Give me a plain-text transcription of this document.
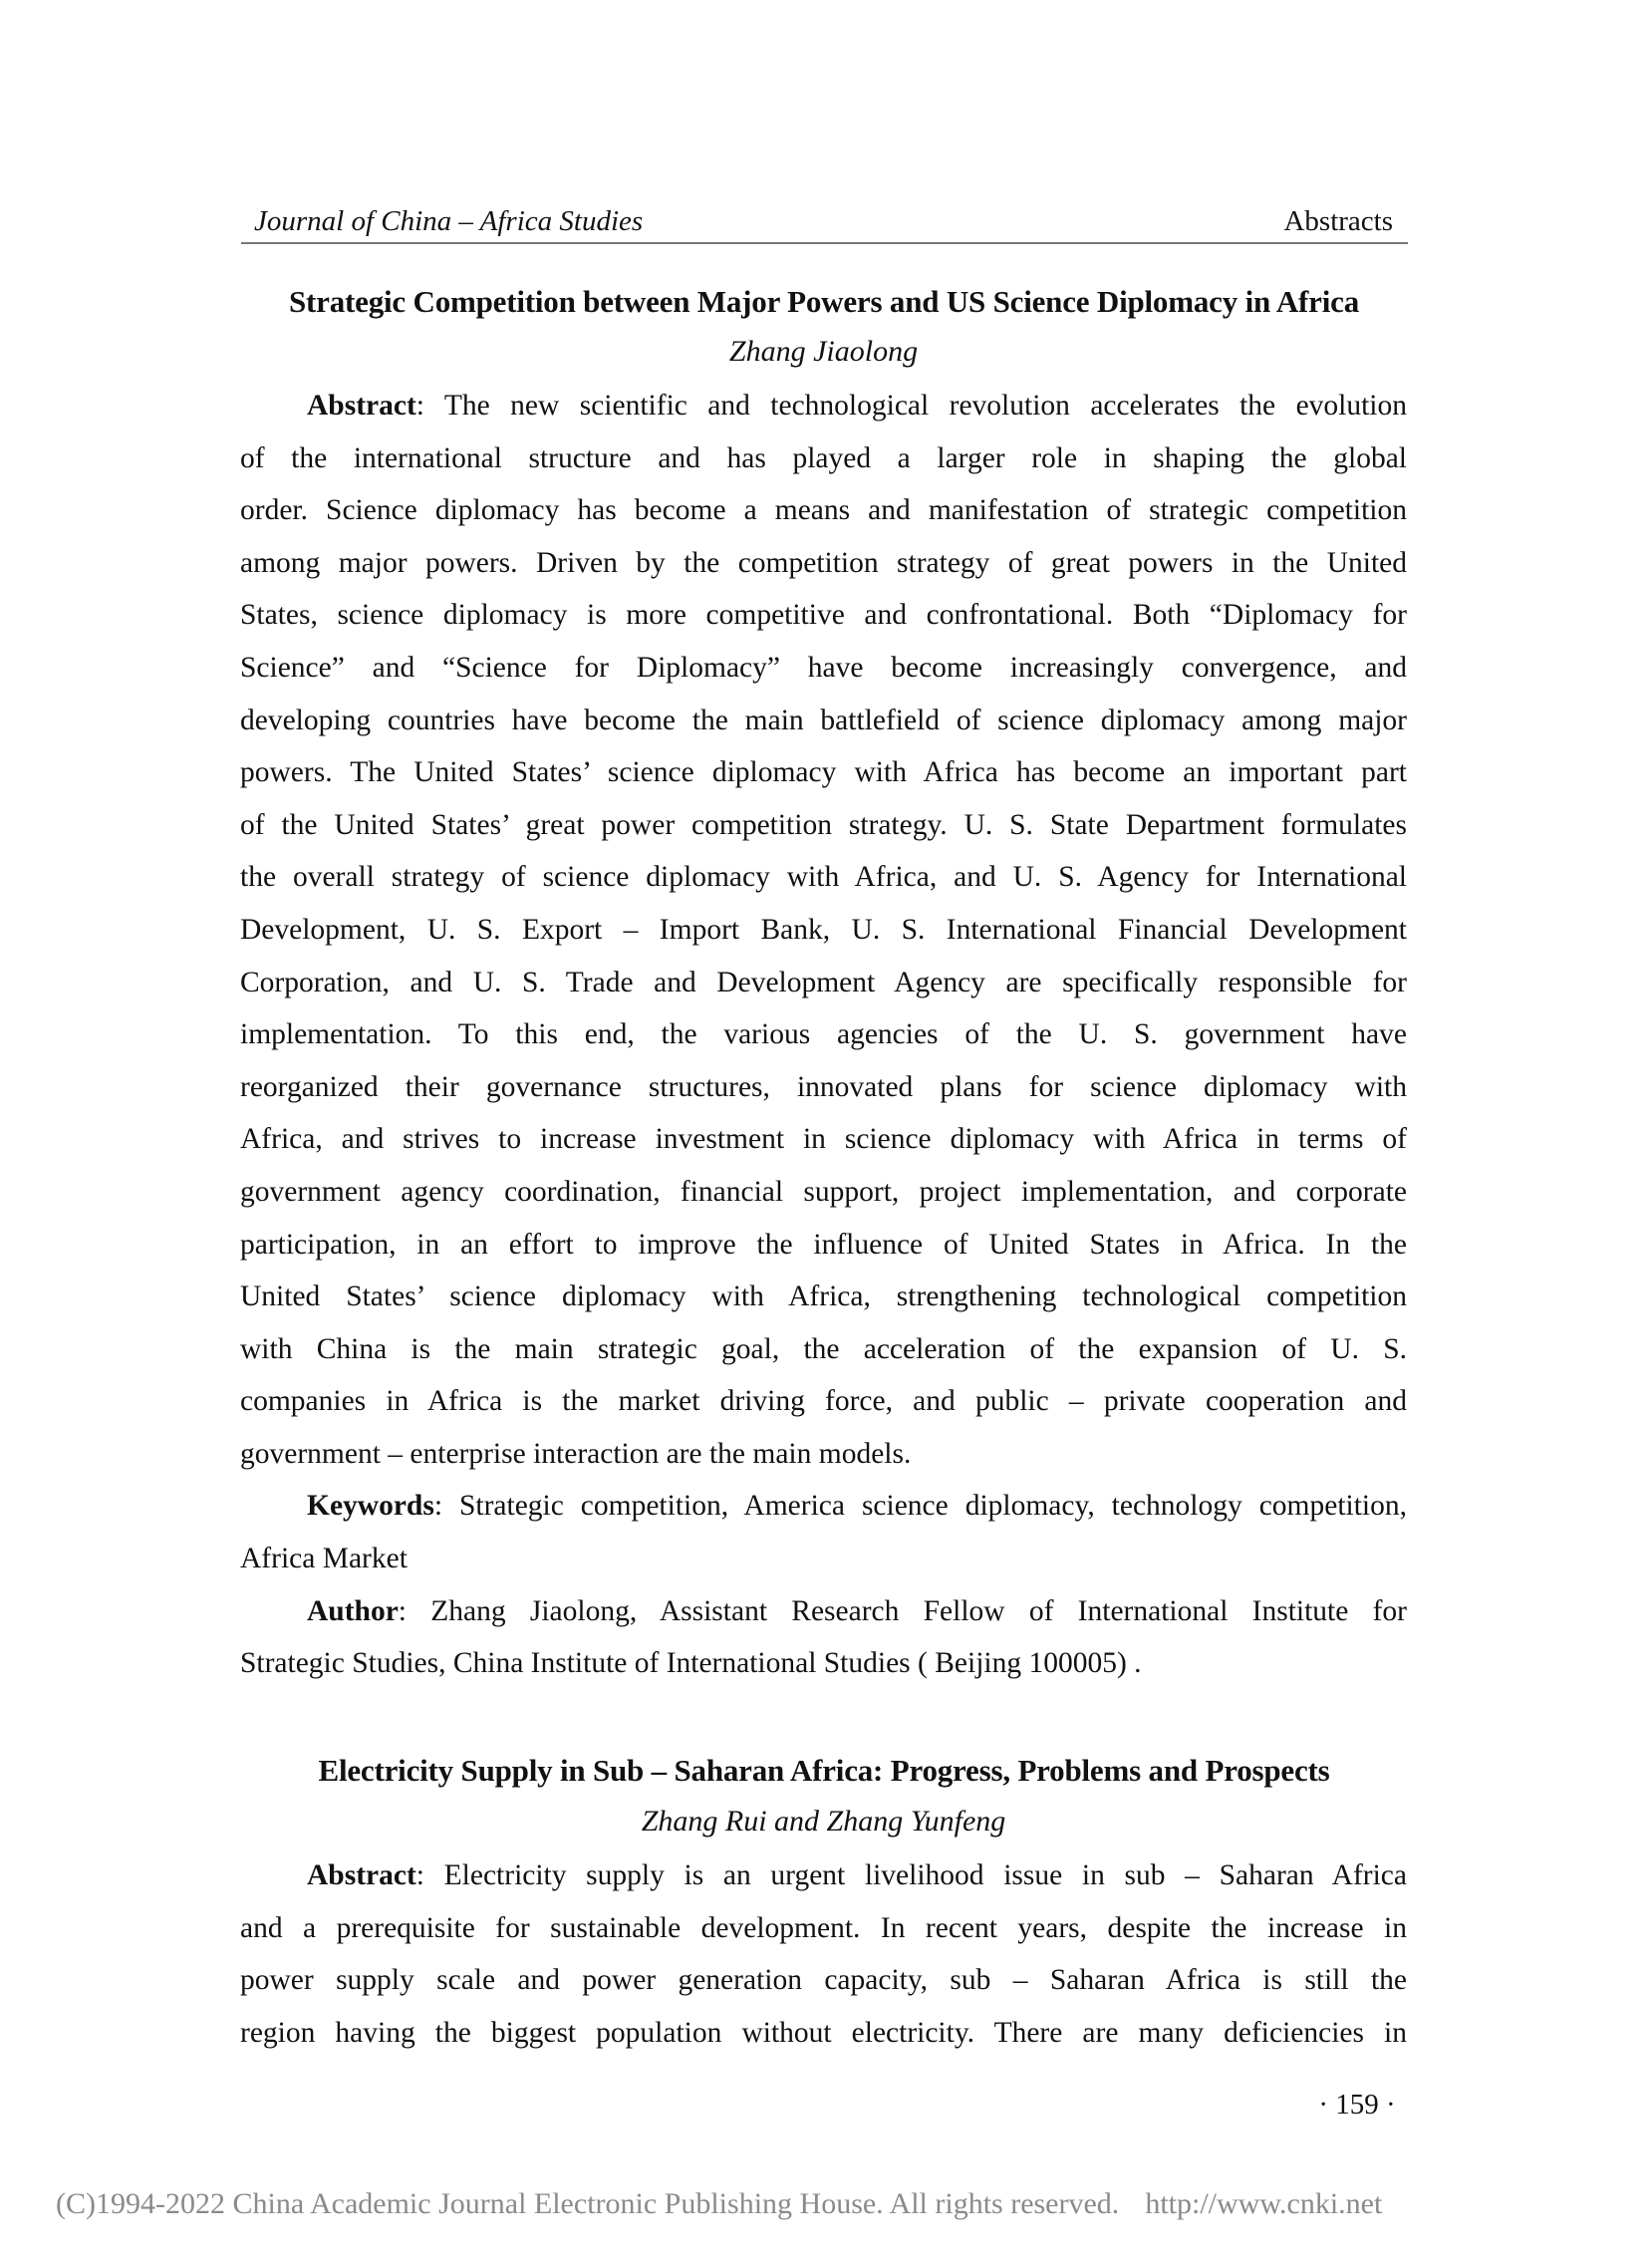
Journal of China – Africa Studies	Abstracts
Strategic Competition between Major Powers and US Science Diplomacy in Africa
Zhang Jiaolong
Abstract: The new scientific and technological revolution accelerates the evolution
of the international structure and has played a larger role in shaping the global
order. Science diplomacy has become a means and manifestation of strategic competition
among major powers. Driven by the competition strategy of great powers in the United
States, science diplomacy is more competitive and confrontational. Both “Diplomacy for
Science” and “Science for Diplomacy” have become increasingly convergence, and
developing countries have become the main battlefield of science diplomacy among major
powers. The United States’ science diplomacy with Africa has become an important part
of the United States’ great power competition strategy. U. S. State Department formulates
the overall strategy of science diplomacy with Africa, and U. S. Agency for International
Development, U. S. Export – Import Bank, U. S. International Financial Development
Corporation, and U. S. Trade and Development Agency are specifically responsible for
implementation. To this end, the various agencies of the U. S. government have
reorganized their governance structures, innovated plans for science diplomacy with
Africa, and strives to increase investment in science diplomacy with Africa in terms of
government agency coordination, financial support, project implementation, and corporate
participation, in an effort to improve the influence of United States in Africa. In the
United States’ science diplomacy with Africa, strengthening technological competition
with China is the main strategic goal, the acceleration of the expansion of U. S.
companies in Africa is the market driving force, and public – private cooperation and
government – enterprise interaction are the main models.
Keywords: Strategic competition, America science diplomacy, technology competition,
Africa Market
Author: Zhang Jiaolong, Assistant Research Fellow of International Institute for
Strategic Studies, China Institute of International Studies ( Beijing 100005) .
Electricity Supply in Sub – Saharan Africa: Progress, Problems and Prospects
Zhang Rui and Zhang Yunfeng
Abstract: Electricity supply is an urgent livelihood issue in sub – Saharan Africa
and a prerequisite for sustainable development. In recent years, despite the increase in
power supply scale and power generation capacity, sub – Saharan Africa is still the
region having the biggest population without electricity. There are many deficiencies in
· 159 ·
(C)1994-2022 China Academic Journal Electronic Publishing House. All rights reserved. http://www.cnki.net
